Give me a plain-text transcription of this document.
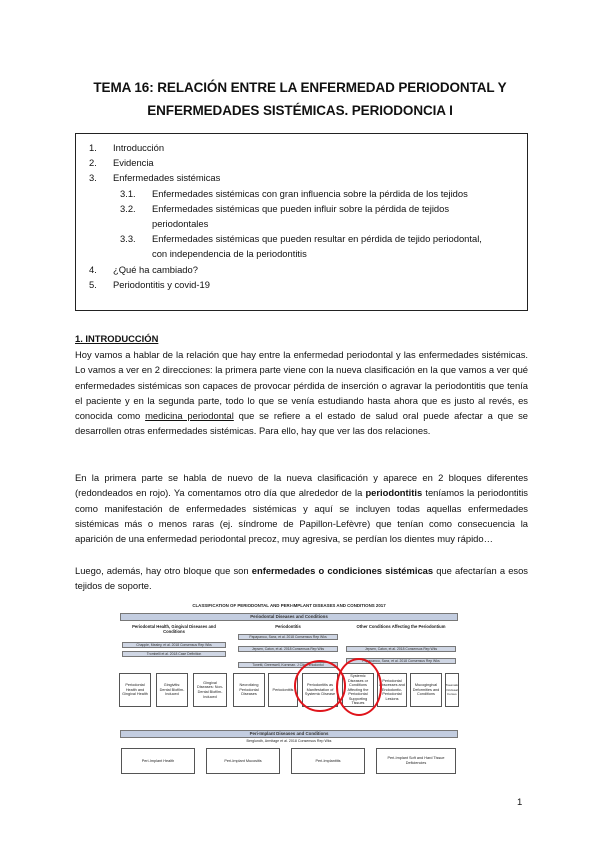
TEMA 16: RELACIÓN ENTRE LA ENFERMEDAD PERIODONTAL Y
ENFERMEDADES SISTÉMICAS. PERIODONCIA I
1.	Introducción
2.	Evidencia
3.	Enfermedades sistémicas
3.1.	Enfermedades sistémicas con gran influencia sobre la pérdida de los tejidos
3.2.	Enfermedades sistémicas que pueden influir sobre la pérdida de tejidos periodontales
3.3.	Enfermedades sistémicas que pueden resultar en pérdida de tejido periodontal, con independencia de la periodontitis
4.	¿Qué ha cambiado?
5.	Periodontitis y covid-19
1. INTRODUCCIÓN
Hoy vamos a hablar de la relación que hay entre la enfermedad periodontal y las enfermedades sistémicas. Lo vamos a ver en 2 direcciones: la primera parte viene con la nueva clasificación en la que vamos a ver qué enfermedades sistémicas son capaces de provocar pérdida de inserción o agravar la periodontitis que tenía el paciente y en la segunda parte, todo lo que se venía estudiando hasta ahora que es justo al revés, es conocida como medicina periodontal que se refiere a el estado de salud oral puede afectar a que se desarrollen otras enfermedades sistémicas. Para ello, hay que ver las dos relaciones.
En la primera parte se habla de nuevo de la nueva clasificación y aparece en 2 bloques diferentes (redondeados en rojo). Ya comentamos otro día que alrededor de la periodontitis teníamos la periodontitis como manifestación de enfermedades sistémicas y aquí se incluyen todas aquellas enfermedades sistémicas más o menos raras (ej. síndrome de Papillon-Lefèvre) que tenían como consecuencia la aparición de una enfermedad periodontal precoz, muy agresiva, se perdían los dientes muy rápido…
Luego, además, hay otro bloque que son enfermedades o condiciones sistémicas que afectarían a esos tejidos de soporte.
CLASSIFICATION OF PERIODONTAL AND PERI-IMPLANT DISEASES AND CONDITIONS 2017
Periodontal Diseases and Conditions
Periodontal Health, Gingival Diseases and Conditions
Periodontitis	Other Conditions Affecting the Periodontium
Chapple, Mealey, et al. 2018 Consensus Rep Wks
Trombelli et al. 2018 Case Definition
Papapanou, Sanz, et al. 2018 Consensus Rep Wks
Jepsen, Caton, et al. 2018 Consensus Rep Wks
Tonetti, Greenwell, Kornman. J Clin Periodontol
Jepsen, Caton, et al. 2018 Consensus Rep Wks
Papapanou, Sanz, et al. 2018 Consensus Rep Wks
Periodontal Health and Gingival Health
Gingivitis: Dental Biofilm-Induced
Gingival Diseases: Non-Dental Biofilm-Induced
Necrotizing Periodontal Diseases
Periodontitis
Periodontitis as Manifestation of Systemic Disease
Systemic Diseases or Conditions Affecting the Periodontal Supporting Tissues
Periodontal Abscesses and Endodontic-Periodontal Lesions
Mucogingival Deformities and Conditions
Traumatic Occlusal Forces
Peri-Implant Diseases and Conditions
Berglundh, Armitage et al. 2018 Consensus Rep Wks
Peri-Implant Health	Peri-Implant Mucositis	Peri-Implantitis
Peri-Implant Soft and Hard Tissue Deficiencies
1
